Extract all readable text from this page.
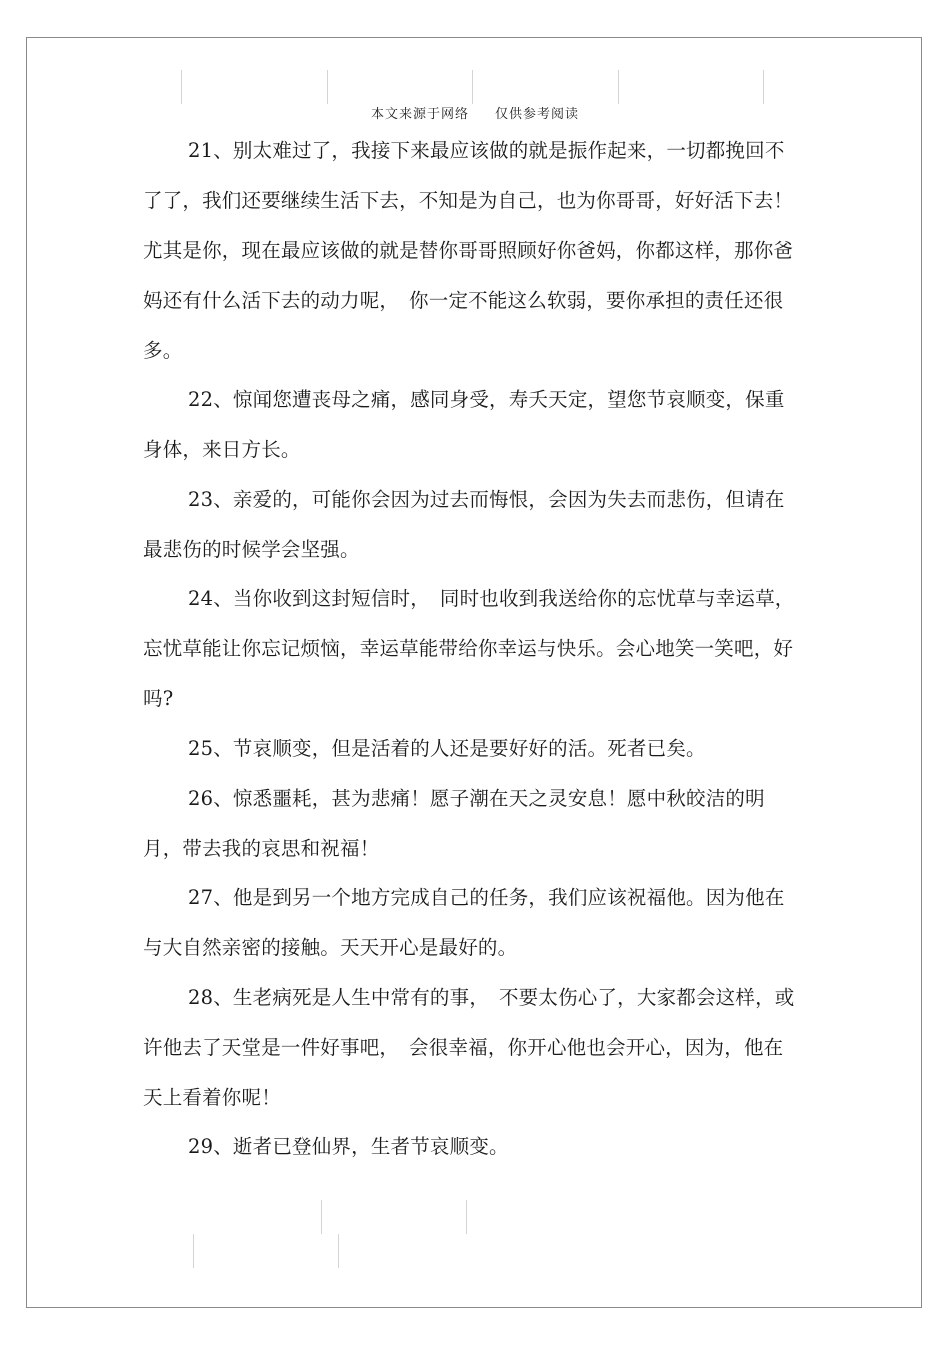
本文来源于网络 仅供参考阅读

21、别太难过了，我接下来最应该做的就是振作起来，一切都挽回不了了，我们还要继续生活下去，不知是为自己，也为你哥哥，好好活下去！尤其是你，现在最应该做的就是替你哥哥照顾好你爸妈，你都这样，那你爸妈还有什么活下去的动力呢，　你一定不能这么软弱，要你承担的责任还很多。

22、惊闻您遭丧母之痛，感同身受，寿夭天定，望您节哀顺变，保重身体，来日方长。

23、亲爱的，可能你会因为过去而悔恨，会因为失去而悲伤，但请在最悲伤的时候学会坚强。

24、当你收到这封短信时，　同时也收到我送给你的忘忧草与幸运草，忘忧草能让你忘记烦恼，幸运草能带给你幸运与快乐。会心地笑一笑吧，好吗?

25、节哀顺变，但是活着的人还是要好好的活。死者已矣。

26、惊悉噩耗，甚为悲痛！愿子潮在天之灵安息！愿中秋皎洁的明月，带去我的哀思和祝福！

27、他是到另一个地方完成自己的任务，我们应该祝福他。因为他在与大自然亲密的接触。天天开心是最好的。

28、生老病死是人生中常有的事，　不要太伤心了，大家都会这样，或许他去了天堂是一件好事吧，　会很幸福，你开心他也会开心，因为，他在天上看着你呢！

29、逝者已登仙界，生者节哀顺变。
